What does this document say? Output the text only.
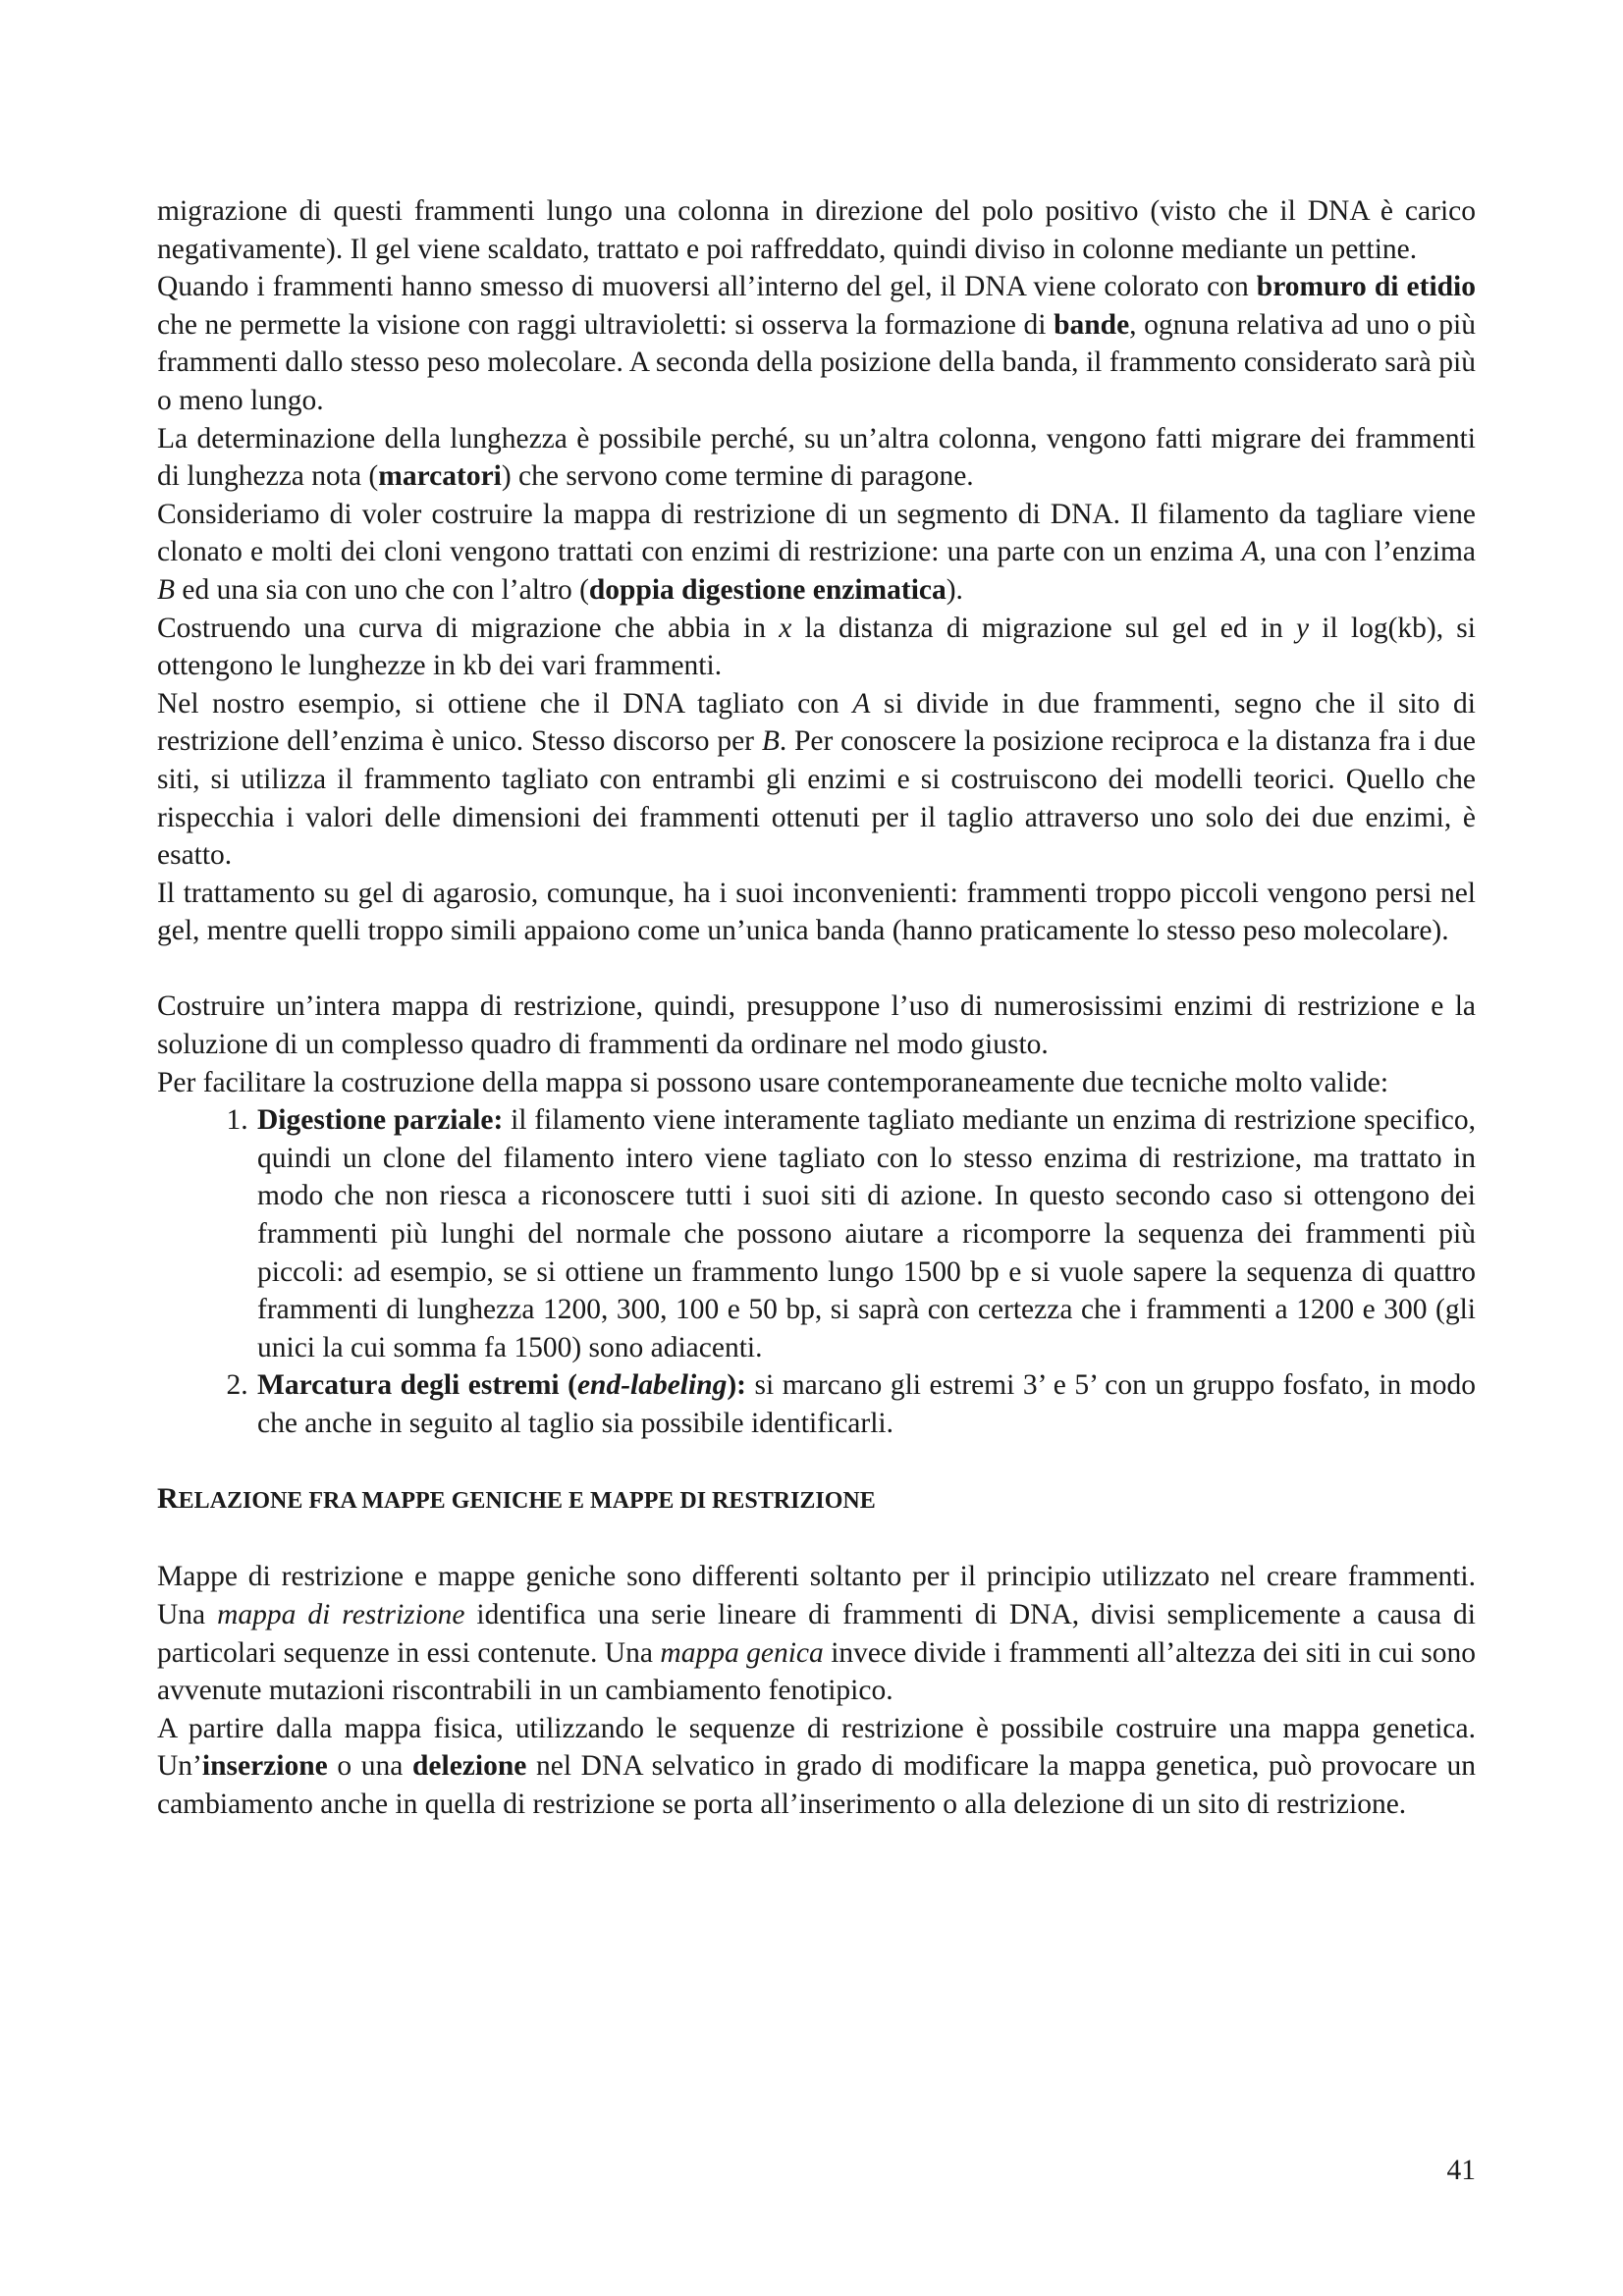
migrazione di questi frammenti lungo una colonna in direzione del polo positivo (visto che il DNA è carico negativamente). Il gel viene scaldato, trattato e poi raffreddato, quindi diviso in colonne mediante un pettine.

Quando i frammenti hanno smesso di muoversi all’interno del gel, il DNA viene colorato con bromuro di etidio che ne permette la visione con raggi ultravioletti: si osserva la formazione di bande, ognuna relativa ad uno o più frammenti dallo stesso peso molecolare. A seconda della posizione della banda, il frammento considerato sarà più o meno lungo.

La determinazione della lunghezza è possibile perché, su un’altra colonna, vengono fatti migrare dei frammenti di lunghezza nota (marcatori) che servono come termine di paragone.

Consideriamo di voler costruire la mappa di restrizione di un segmento di DNA. Il filamento da tagliare viene clonato e molti dei cloni vengono trattati con enzimi di restrizione: una parte con un enzima A, una con l’enzima B ed una sia con uno che con l’altro (doppia digestione enzimatica).

Costruendo una curva di migrazione che abbia in x la distanza di migrazione sul gel ed in y il log(kb), si ottengono le lunghezze in kb dei vari frammenti.

Nel nostro esempio, si ottiene che il DNA tagliato con A si divide in due frammenti, segno che il sito di restrizione dell’enzima è unico. Stesso discorso per B. Per conoscere la posizione reciproca e la distanza fra i due siti, si utilizza il frammento tagliato con entrambi gli enzimi e si costruiscono dei modelli teorici. Quello che rispecchia i valori delle dimensioni dei frammenti ottenuti per il taglio attraverso uno solo dei due enzimi, è esatto.

Il trattamento su gel di agarosio, comunque, ha i suoi inconvenienti: frammenti troppo piccoli vengono persi nel gel, mentre quelli troppo simili appaiono come un’unica banda (hanno praticamente lo stesso peso molecolare).

Costruire un’intera mappa di restrizione, quindi, presuppone l’uso di numerosissimi enzimi di restrizione e la soluzione di un complesso quadro di frammenti da ordinare nel modo giusto.

Per facilitare la costruzione della mappa si possono usare contemporaneamente due tecniche molto valide:

1. Digestione parziale: il filamento viene interamente tagliato mediante un enzima di restrizione specifico, quindi un clone del filamento intero viene tagliato con lo stesso enzima di restrizione, ma trattato in modo che non riesca a riconoscere tutti i suoi siti di azione. In questo secondo caso si ottengono dei frammenti più lunghi del normale che possono aiutare a ricomporre la sequenza dei frammenti più piccoli: ad esempio, se si ottiene un frammento lungo 1500 bp e si vuole sapere la sequenza di quattro frammenti di lunghezza 1200, 300, 100 e 50 bp, si saprà con certezza che i frammenti a 1200 e 300 (gli unici la cui somma fa 1500) sono adiacenti.
2. Marcatura degli estremi (end-labeling): si marcano gli estremi 3’ e 5’ con un gruppo fosfato, in modo che anche in seguito al taglio sia possibile identificarli.
RELAZIONE FRA MAPPE GENICHE E MAPPE DI RESTRIZIONE

Mappe di restrizione e mappe geniche sono differenti soltanto per il principio utilizzato nel creare frammenti. Una mappa di restrizione identifica una serie lineare di frammenti di DNA, divisi semplicemente a causa di particolari sequenze in essi contenute. Una mappa genica invece divide i frammenti all’altezza dei siti in cui sono avvenute mutazioni riscontrabili in un cambiamento fenotipico.

A partire dalla mappa fisica, utilizzando le sequenze di restrizione è possibile costruire una mappa genetica. Un’inserzione o una delezione nel DNA selvatico in grado di modificare la mappa genetica, può provocare un cambiamento anche in quella di restrizione se porta all’inserimento o alla delezione di un sito di restrizione.

41
